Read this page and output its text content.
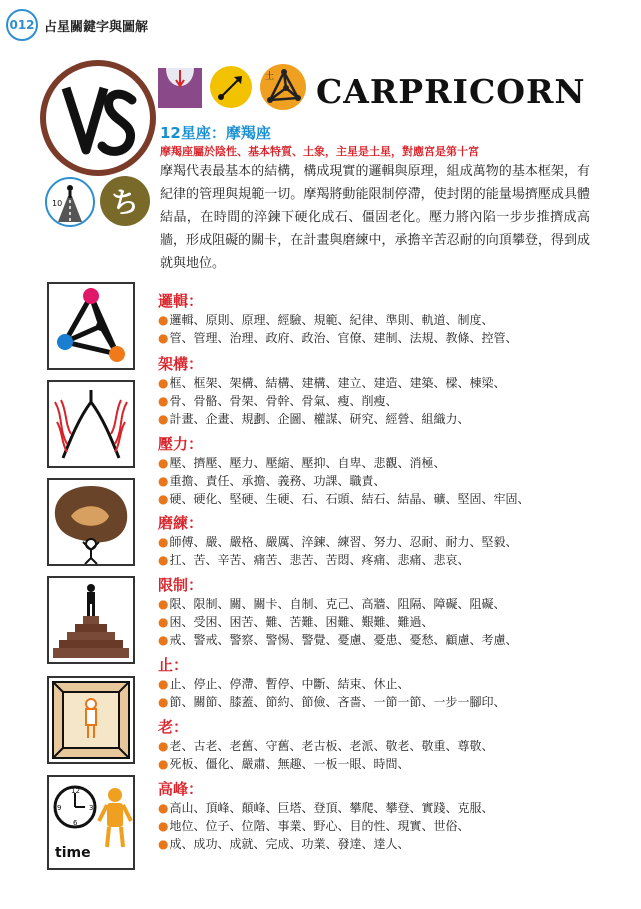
012 占星關鍵字與圖解
10 ち
土 CARPRICORN
12星座：摩羯座
摩羯座屬於陰性、基本特質、土象，主星是土星，對應宮是第十宮
摩羯代表最基本的結構，構成現實的邏輯與原理，組成萬物的基本框架，有紀律的管理與規範一切。摩羯將動能限制停滯，使封閉的能量場擠壓成具體結晶，在時間的淬鍊下硬化成石、僵固老化。壓力將內陷一步步推擠成高牆，形成阻礙的關卡，在計畫與磨練中，承擔辛苦忍耐的向頂攀登，得到成就與地位。
12
3
6
9
time
邏輯：
● 邏輯、原則、原理、經驗、規範、紀律、準則、軌道、制度、
● 管、管理、治理、政府、政治、官僚、建制、法規、教條、控管、
架構：
● 框、框架、架構、結構、建構、建立、建造、建築、樑、棟梁、
● 骨、骨骼、骨架、骨幹、骨氣、瘦、削瘦、
● 計畫、企畫、規劃、企圖、權謀、研究、經營、組織力、
壓力：
● 壓、擠壓、壓力、壓縮、壓抑、自卑、悲觀、消極、
● 重擔、責任、承擔、義務、功課、職責、
● 硬、硬化、堅硬、生硬、石、石頭、結石、結晶、礦、堅固、牢固、
磨練：
● 師傅、嚴、嚴格、嚴厲、淬鍊、練習、努力、忍耐、耐力、堅毅、
● 扛、苦、辛苦、痛苦、悲苦、苦悶、疼痛、悲痛、悲哀、
限制：
● 限、限制、關、關卡、自制、克己、高牆、阻隔、障礙、阻礙、
● 困、受困、困苦、難、苦難、困難、艱難、難過、
● 戒、警戒、警察、警惕、警覺、憂慮、憂患、憂愁、顧慮、考慮、
止：
● 止、停止、停滯、暫停、中斷、結束、休止、
● 節、關節、膝蓋、節約、節儉、吝嗇、一節一節、一步一腳印、
老：
● 老、古老、老舊、守舊、老古板、老派、敬老、敬重、尊敬、
● 死板、僵化、嚴肅、無趣、一板一眼、時間、
高峰：
● 高山、頂峰、顛峰、巨塔、登頂、攀爬、攀登、實踐、克服、
● 地位、位子、位階、事業、野心、目的性、現實、世俗、
● 成、成功、成就、完成、功業、發達、達人、
